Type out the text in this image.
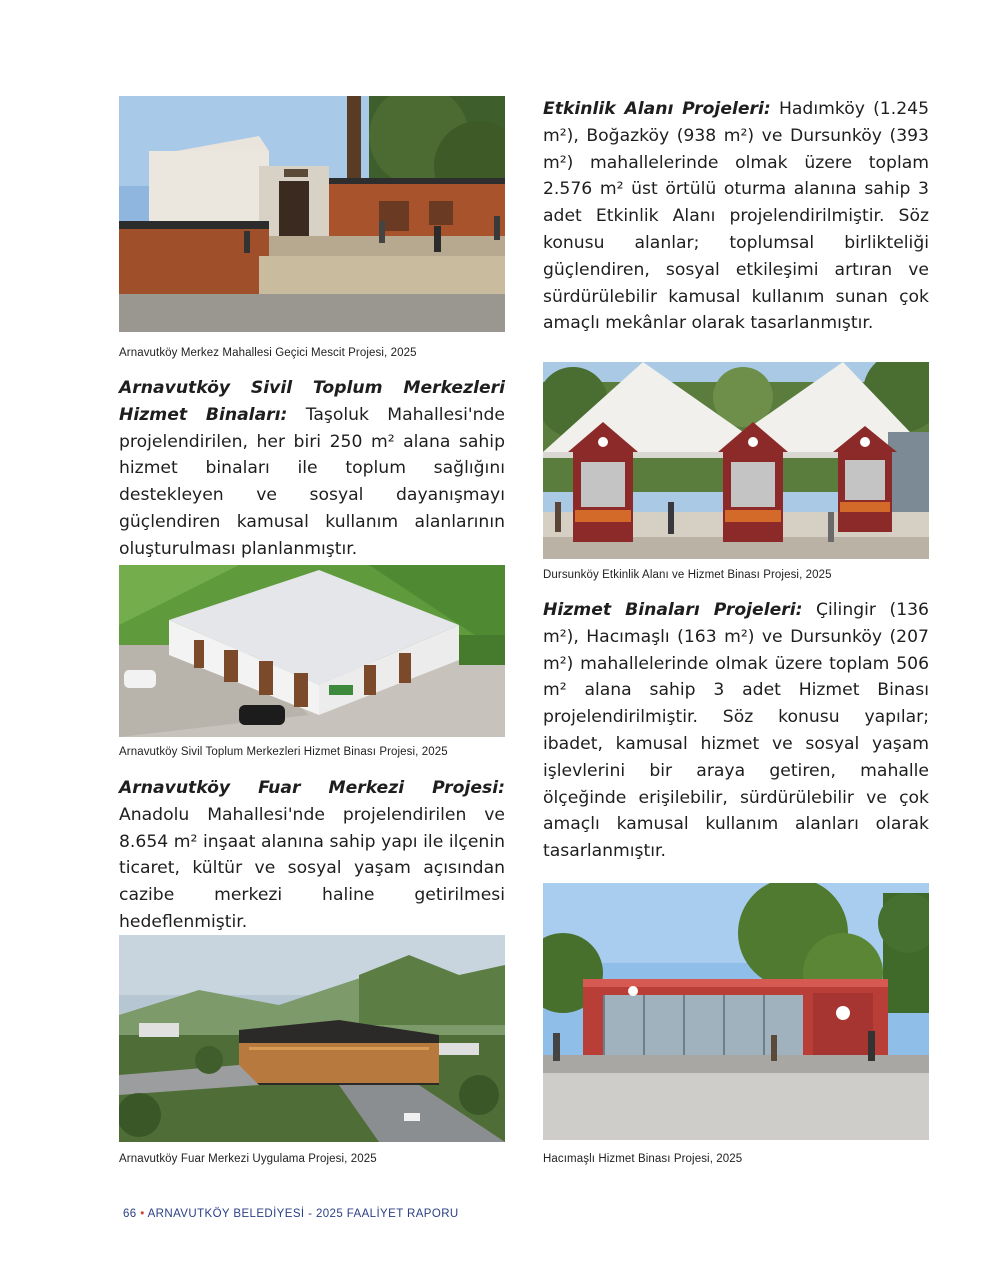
Arnavutköy Merkez Mahallesi Geçici Mescit Projesi, 2025

Arnavutköy Sivil Toplum Merkezleri Hizmet Binaları: Taşoluk Mahallesi'nde projelendirilen, her biri 250 m² alana sahip hizmet binaları ile toplum sağlığını destekleyen ve sosyal dayanışmayı güçlendiren kamusal kullanım alanlarının oluşturulması planlanmıştır.

Arnavutköy Sivil Toplum Merkezleri Hizmet Binası Projesi, 2025

Arnavutköy Fuar Merkezi Projesi: Anadolu Mahallesi'nde projelendirilen ve 8.654 m² inşaat alanına sahip yapı ile ilçenin ticaret, kültür ve sosyal yaşam açısından cazibe merkezi haline getirilmesi hedeflenmiştir.

Arnavutköy Fuar Merkezi Uygulama Projesi, 2025

Etkinlik Alanı Projeleri: Hadımköy (1.245 m²), Boğazköy (938 m²) ve Dursunköy (393 m²) mahallelerinde olmak üzere toplam 2.576 m² üst örtülü oturma alanına sahip 3 adet Etkinlik Alanı projelendirilmiştir. Söz konusu alanlar; toplumsal birlikteliği güçlendiren, sosyal etkileşimi artıran ve sürdürülebilir kamusal kullanım sunan çok amaçlı mekânlar olarak tasarlanmıştır.

Dursunköy Etkinlik Alanı ve Hizmet Binası Projesi, 2025

Hizmet Binaları Projeleri: Çilingir (136 m²), Hacımaşlı (163 m²) ve Dursunköy (207 m²) mahallelerinde olmak üzere toplam 506 m² alana sahip 3 adet Hizmet Binası projelendirilmiştir. Söz konusu yapılar; ibadet, kamusal hizmet ve sosyal yaşam işlevlerini bir araya getiren, mahalle ölçeğinde erişilebilir, sürdürülebilir ve çok amaçlı kamusal kullanım alanları olarak tasarlanmıştır.

Hacımaşlı Hizmet Binası Projesi, 2025
66 • ARNAVUTKÖY BELEDİYESİ - 2025 FAALİYET RAPORU
